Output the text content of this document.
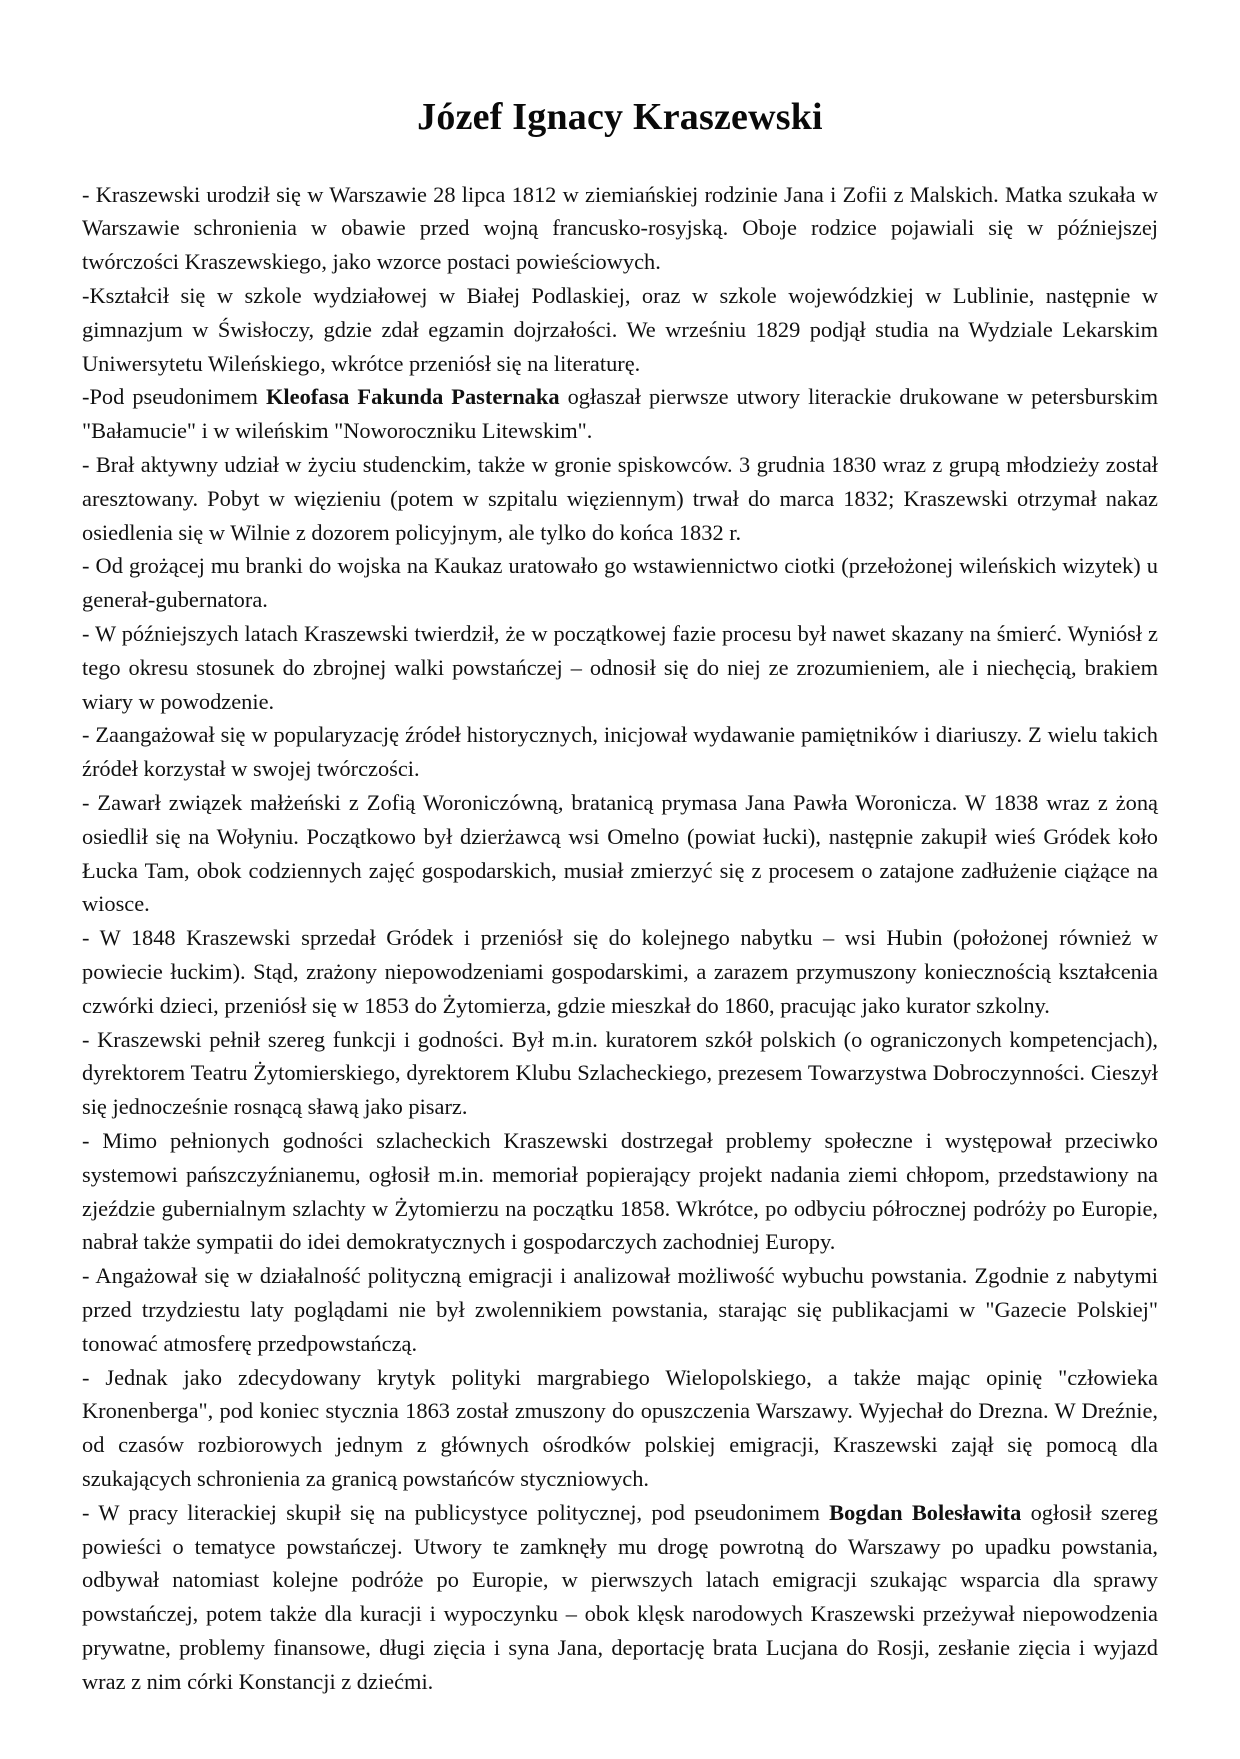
Józef Ignacy Kraszewski

- Kraszewski urodził się w Warszawie 28 lipca 1812 w ziemiańskiej rodzinie Jana i Zofii z Malskich. Matka szukała w Warszawie schronienia w obawie przed wojną francusko-rosyjską. Oboje rodzice pojawiali się w późniejszej twórczości Kraszewskiego, jako wzorce postaci powieściowych.

-Kształcił się w szkole wydziałowej w Białej Podlaskiej, oraz w szkole wojewódzkiej w Lublinie, następnie w gimnazjum w Świsłoczy, gdzie zdał egzamin dojrzałości. We wrześniu 1829 podjął studia na Wydziale Lekarskim Uniwersytetu Wileńskiego, wkrótce przeniósł się na literaturę.

-Pod pseudonimem Kleofasa Fakunda Pasternaka ogłaszał pierwsze utwory literackie drukowane w petersburskim "Bałamucie" i w wileńskim "Noworoczniku Litewskim".

- Brał aktywny udział w życiu studenckim, także w gronie spiskowców. 3 grudnia 1830 wraz z grupą młodzieży został aresztowany. Pobyt w więzieniu (potem w szpitalu więziennym) trwał do marca 1832; Kraszewski otrzymał nakaz osiedlenia się w Wilnie z dozorem policyjnym, ale tylko do końca 1832 r.

- Od grożącej mu branki do wojska na Kaukaz uratowało go wstawiennictwo ciotki (przełożonej wileńskich wizytek) u generał-gubernatora.

- W późniejszych latach Kraszewski twierdził, że w początkowej fazie procesu był nawet skazany na śmierć. Wyniósł z tego okresu stosunek do zbrojnej walki powstańczej – odnosił się do niej ze zrozumieniem, ale i niechęcią, brakiem wiary w powodzenie.

- Zaangażował się w popularyzację źródeł historycznych, inicjował wydawanie pamiętników i diariuszy. Z wielu takich źródeł korzystał w swojej twórczości.

- Zawarł związek małżeński z Zofią Woroniczówną, bratanicą prymasa Jana Pawła Woronicza. W 1838 wraz z żoną osiedlił się na Wołyniu. Początkowo był dzierżawcą wsi Omelno (powiat łucki), następnie zakupił wieś Gródek koło Łucka Tam, obok codziennych zajęć gospodarskich, musiał zmierzyć się z procesem o zatajone zadłużenie ciążące na wiosce.

- W 1848 Kraszewski sprzedał Gródek i przeniósł się do kolejnego nabytku – wsi Hubin (położonej również w powiecie łuckim). Stąd, zrażony niepowodzeniami gospodarskimi, a zarazem przymuszony koniecznością kształcenia czwórki dzieci, przeniósł się w 1853 do Żytomierza, gdzie mieszkał do 1860, pracując jako kurator szkolny.

- Kraszewski pełnił szereg funkcji i godności. Był m.in. kuratorem szkół polskich (o ograniczonych kompetencjach), dyrektorem Teatru Żytomierskiego, dyrektorem Klubu Szlacheckiego, prezesem Towarzystwa Dobroczynności. Cieszył się jednocześnie rosnącą sławą jako pisarz.

- Mimo pełnionych godności szlacheckich Kraszewski dostrzegał problemy społeczne i występował przeciwko systemowi pańszczyźnianemu, ogłosił m.in. memoriał popierający projekt nadania ziemi chłopom, przedstawiony na zjeździe gubernialnym szlachty w Żytomierzu na początku 1858. Wkrótce, po odbyciu półrocznej podróży po Europie, nabrał także sympatii do idei demokratycznych i gospodarczych zachodniej Europy.

- Angażował się w działalność polityczną emigracji i analizował możliwość wybuchu powstania. Zgodnie z nabytymi przed trzydziestu laty poglądami nie był zwolennikiem powstania, starając się publikacjami w "Gazecie Polskiej" tonować atmosferę przedpowstańczą.

- Jednak jako zdecydowany krytyk polityki margrabiego Wielopolskiego, a także mając opinię "człowieka Kronenberga", pod koniec stycznia 1863 został zmuszony do opuszczenia Warszawy. Wyjechał do Drezna. W Dreźnie, od czasów rozbiorowych jednym z głównych ośrodków polskiej emigracji, Kraszewski zajął się pomocą dla szukających schronienia za granicą powstańców styczniowych.

- W pracy literackiej skupił się na publicystyce politycznej, pod pseudonimem Bogdan Bolesławita ogłosił szereg powieści o tematyce powstańczej. Utwory te zamknęły mu drogę powrotną do Warszawy po upadku powstania, odbywał natomiast kolejne podróże po Europie, w pierwszych latach emigracji szukając wsparcia dla sprawy powstańczej, potem także dla kuracji i wypoczynku – obok klęsk narodowych Kraszewski przeżywał niepowodzenia prywatne, problemy finansowe, długi zięcia i syna Jana, deportację brata Lucjana do Rosji, zesłanie zięcia i wyjazd wraz z nim córki Konstancji z dziećmi.
